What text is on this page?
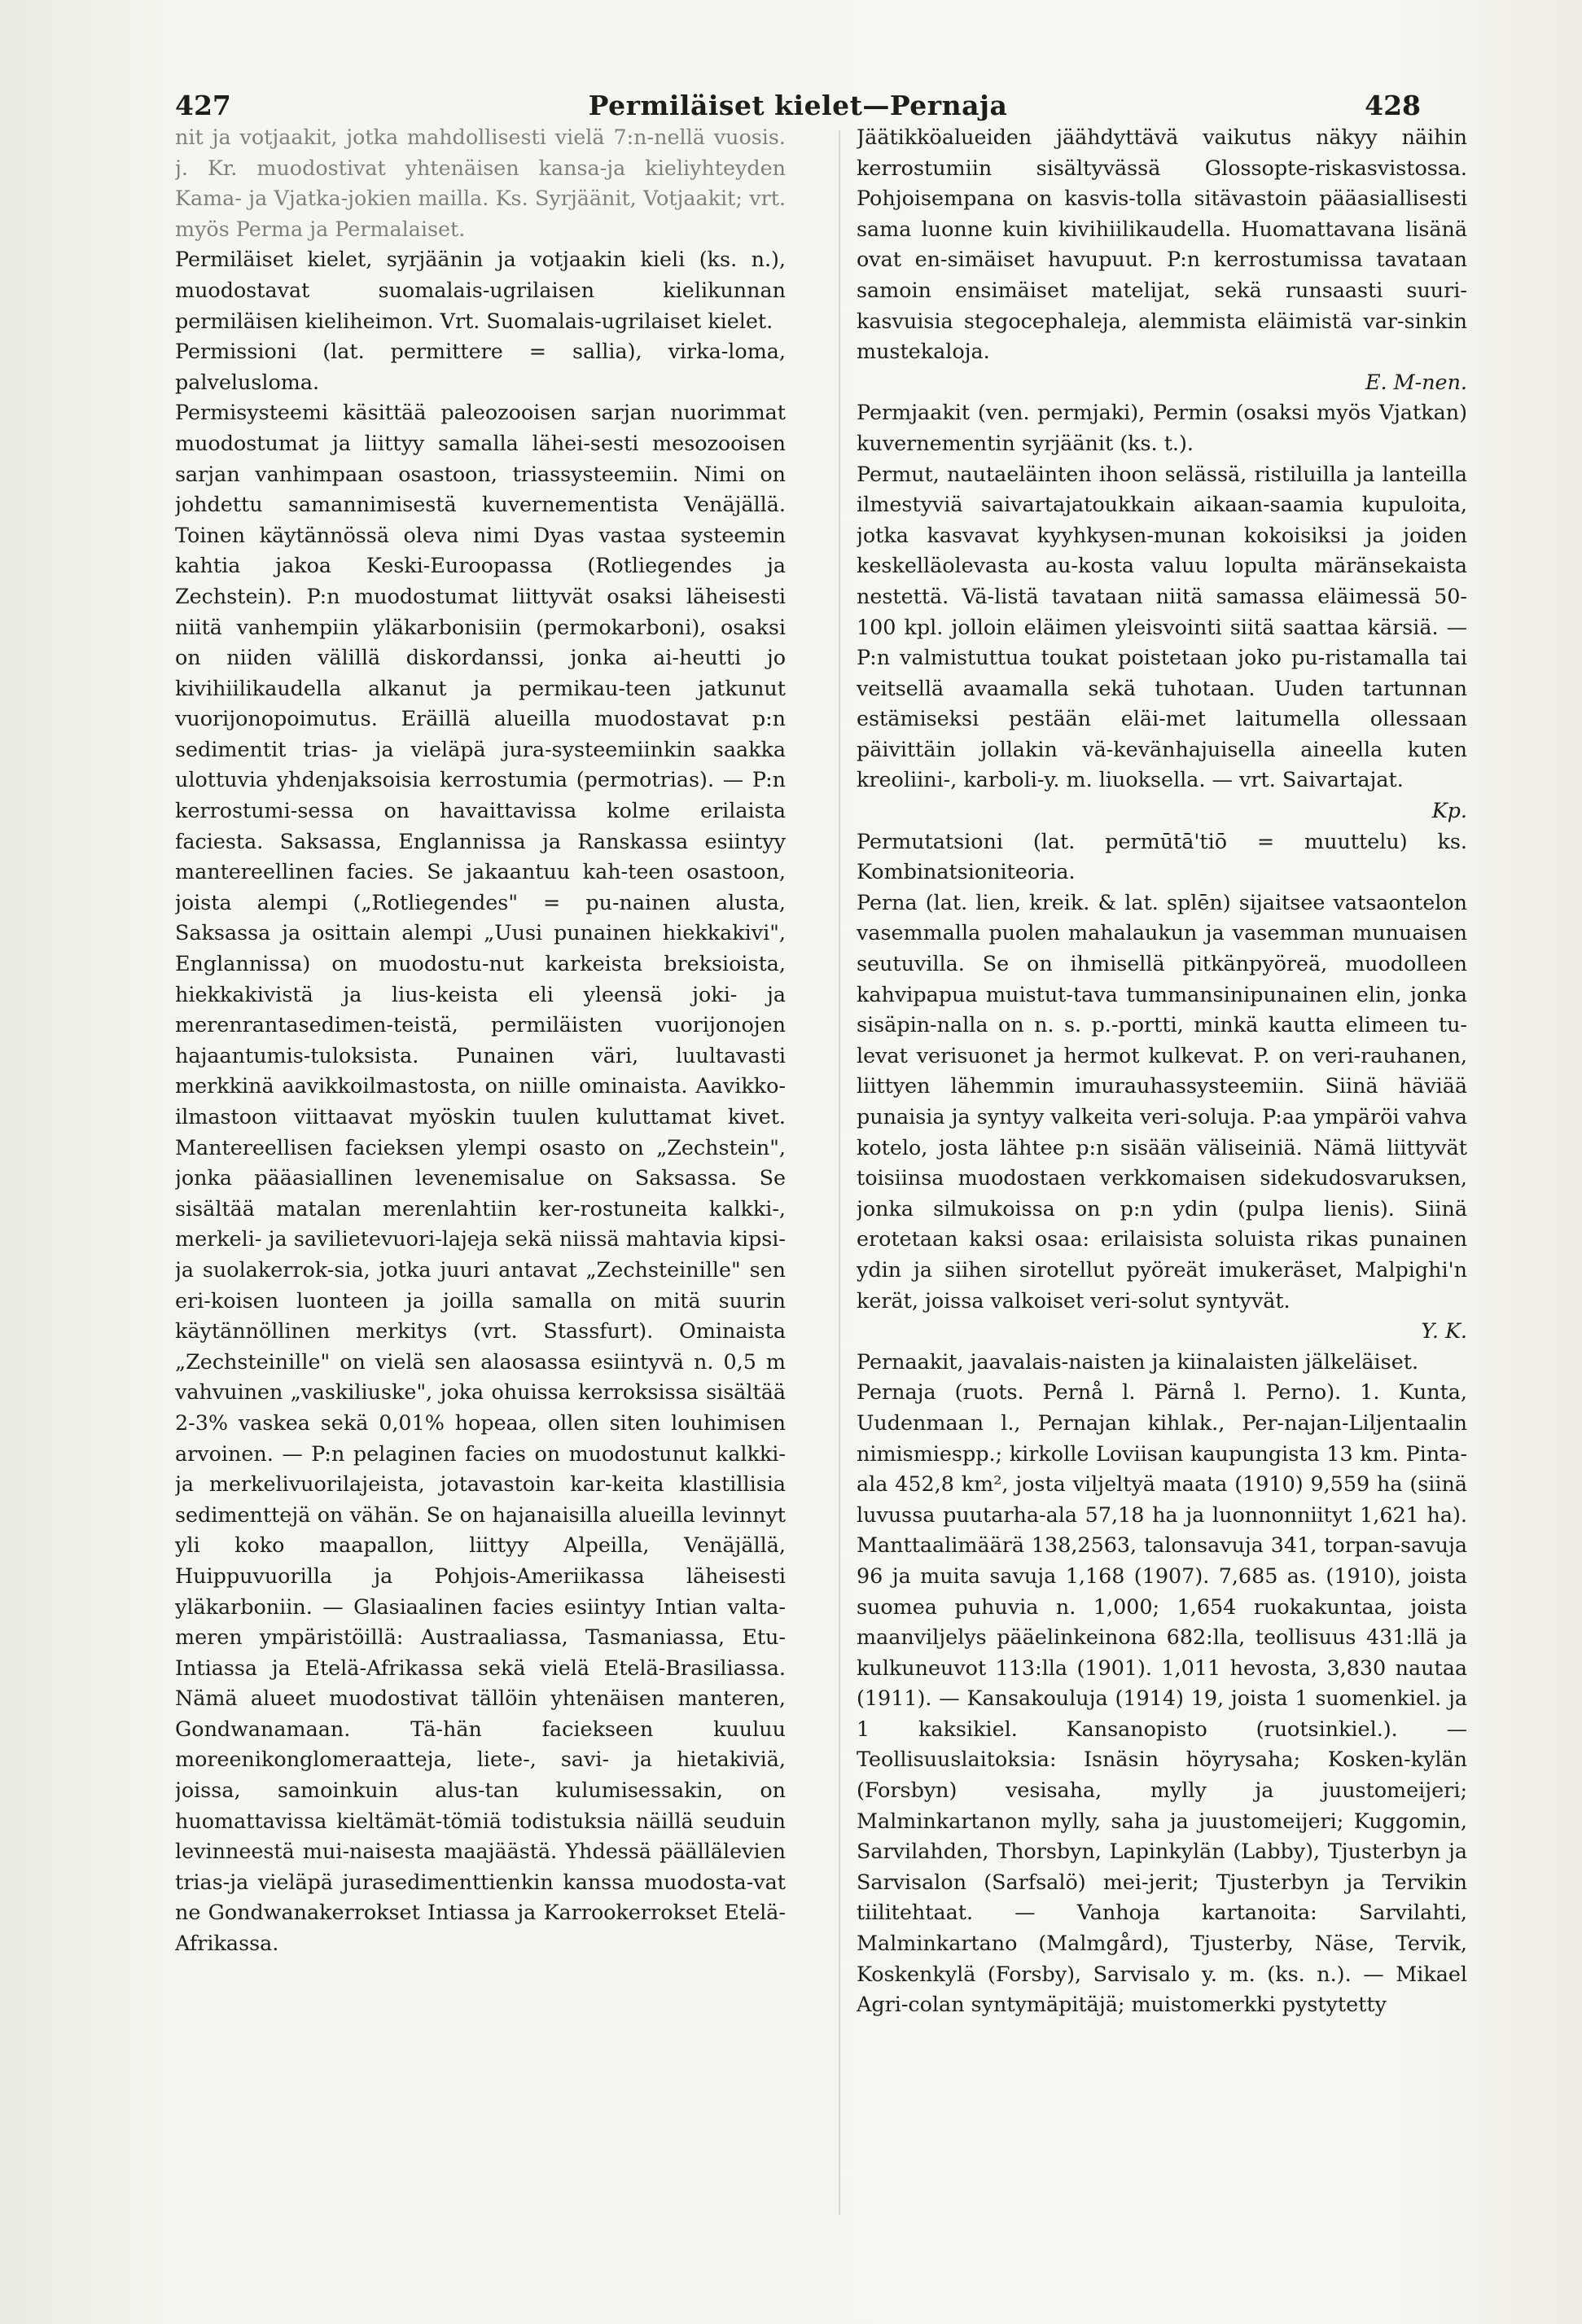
427	Permiläiset kielet—Pernaja	428

nit ja votjaakit, jotka mahdollisesti vielä 7:n-nellä vuosis. j. Kr. muodostivat yhtenäisen kansa-ja kieliyhteyden Kama- ja Vjatka-jokien mailla. Ks. Syrjäänit, Votjaakit; vrt. myös Perma ja Permalaiset.

Permiläiset kielet, syrjäänin ja votjaakin kieli (ks. n.), muodostavat suomalais-ugrilaisen kielikunnan permiläisen kieliheimon. Vrt. Suomalais-ugrilaiset kielet.

Permissioni (lat. permittere = sallia), virka-loma, palvelusloma.

Permisysteemi käsittää paleozooisen sarjan nuorimmat muodostumat ja liittyy samalla lähei-sesti mesozooisen sarjan vanhimpaan osastoon, triassysteemiin. Nimi on johdettu samannimisestä kuvernementista Venäjällä. Toinen käytännössä oleva nimi Dyas vastaa systeemin kahtia jakoa Keski-Euroopassa (Rotliegendes ja Zechstein). P:n muodostumat liittyvät osaksi läheisesti niitä vanhempiin yläkarbonisiin (permokarboni), osaksi on niiden välillä diskordanssi, jonka ai-heutti jo kivihiilikaudella alkanut ja permikau-teen jatkunut vuorijonopoimutus. Eräillä alueilla muodostavat p:n sedimentit trias- ja vieläpä jura-systeemiinkin saakka ulottuvia yhdenjaksoisia kerrostumia (permotrias). — P:n kerrostumi-sessa on havaittavissa kolme erilaista faciesta. Saksassa, Englannissa ja Ranskassa esiintyy mantereellinen facies. Se jakaantuu kah-teen osastoon, joista alempi („Rotliegendes" = pu-nainen alusta, Saksassa ja osittain alempi „Uusi punainen hiekkakivi", Englannissa) on muodostu-nut karkeista breksioista, hiekkakivistä ja lius-keista eli yleensä joki- ja merenrantasedimen-teistä, permiläisten vuorijonojen hajaantumis-tuloksista. Punainen väri, luultavasti merkkinä aavikkoilmastosta, on niille ominaista. Aavikko-ilmastoon viittaavat myöskin tuulen kuluttamat kivet. Mantereellisen facieksen ylempi osasto on „Zechstein", jonka pääasiallinen levenemisalue on Saksassa. Se sisältää matalan merenlahtiin ker-rostuneita kalkki-, merkeli- ja savilietevuori-lajeja sekä niissä mahtavia kipsi- ja suolakerrok-sia, jotka juuri antavat „Zechsteinille" sen eri-koisen luonteen ja joilla samalla on mitä suurin käytännöllinen merkitys (vrt. Stassfurt). Ominaista „Zechsteinille" on vielä sen alaosassa esiintyvä n. 0,5 m vahvuinen „vaskiliuske", joka ohuissa kerroksissa sisältää 2-3% vaskea sekä 0,01% hopeaa, ollen siten louhimisen arvoinen. — P:n pelaginen facies on muodostunut kalkki- ja merkelivuorilajeista, jotavastoin kar-keita klastillisia sedimenttejä on vähän. Se on hajanaisilla alueilla levinnyt yli koko maapallon, liittyy Alpeilla, Venäjällä, Huippuvuorilla ja Pohjois-Ameriikassa läheisesti yläkarboniin. — Glasiaalinen facies esiintyy Intian valta-meren ympäristöillä: Austraaliassa, Tasmaniassa, Etu-Intiassa ja Etelä-Afrikassa sekä vielä Etelä-Brasiliassa. Nämä alueet muodostivat tällöin yhtenäisen manteren, Gondwanamaan. Tä-hän faciekseen kuuluu moreenikonglomeraatteja, liete-, savi- ja hietakiviä, joissa, samoinkuin alus-tan kulumisessakin, on huomattavissa kieltämät-tömiä todistuksia näillä seuduin levinneestä mui-naisesta maajäästä. Yhdessä päällälevien trias-ja vieläpä jurasedimenttienkin kanssa muodosta-vat ne Gondwanakerrokset Intiassa ja Karrookerrokset Etelä-Afrikassa.

Jäätikköalueiden jäähdyttävä vaikutus näkyy näihin kerrostumiin sisältyvässä Glossopte-riskasvistossa. Pohjoisempana on kasvis-tolla sitävastoin pääasiallisesti sama luonne kuin kivihiilikaudella. Huomattavana lisänä ovat en-simäiset havupuut. P:n kerrostumissa tavataan samoin ensimäiset matelijat, sekä runsaasti suuri-kasvuisia stegocephaleja, alemmista eläimistä var-sinkin mustekaloja.

E. M-nen.

Permjaakit (ven. permjaki), Permin (osaksi myös Vjatkan) kuvernementin syrjäänit (ks. t.).

Permut, nautaeläinten ihoon selässä, ristiluilla ja lanteilla ilmestyviä saivartajatoukkain aikaan-saamia kupuloita, jotka kasvavat kyyhkysen-munan kokoisiksi ja joiden keskelläolevasta au-kosta valuu lopulta märänsekaista nestettä. Vä-listä tavataan niitä samassa eläimessä 50-100 kpl. jolloin eläimen yleisvointi siitä saattaa kärsiä. — P:n valmistuttua toukat poistetaan joko pu-ristamalla tai veitsellä avaamalla sekä tuhotaan. Uuden tartunnan estämiseksi pestään eläi-met laitumella ollessaan päivittäin jollakin vä-kevänhajuisella aineella kuten kreoliini-, karboli-y. m. liuoksella. — vrt. Saivartajat.

Kp.

Permutatsioni (lat. permūtā'tiō = muuttelu) ks. Kombinatsioniteoria.

Perna (lat. lien, kreik. & lat. splēn) sijaitsee vatsaontelon vasemmalla puolen mahalaukun ja vasemman munuaisen seutuvilla. Se on ihmisellä pitkänpyöreä, muodolleen kahvipapua muistut-tava tummansinipunainen elin, jonka sisäpin-nalla on n. s. p.-portti, minkä kautta elimeen tu-levat verisuonet ja hermot kulkevat. P. on veri-rauhanen, liittyen lähemmin imurauhassysteemiin. Siinä häviää punaisia ja syntyy valkeita veri-soluja. P:aa ympäröi vahva kotelo, josta lähtee p:n sisään väliseiniä. Nämä liittyvät toisiinsa muodostaen verkkomaisen sidekudosvaruksen, jonka silmukoissa on p:n ydin (pulpa lienis). Siinä erotetaan kaksi osaa: erilaisista soluista rikas punainen ydin ja siihen sirotellut pyöreät imukeräset, Malpighi'n kerät, joissa valkoiset veri-solut syntyvät.

Y. K.

Pernaakit, jaavalais-naisten ja kiinalaisten jälkeläiset.

Pernaja (ruots. Pernå l. Pärnå l. Perno). 1. Kunta, Uudenmaan l., Pernajan kihlak., Per-najan-Liljentaalin nimismiespp.; kirkolle Loviisan kaupungista 13 km. Pinta-ala 452,8 km², josta viljeltyä maata (1910) 9,559 ha (siinä luvussa puutarha-ala 57,18 ha ja luonnonniityt 1,621 ha). Manttaalimäärä 138,2563, talonsavuja 341, torpan-savuja 96 ja muita savuja 1,168 (1907). 7,685 as. (1910), joista suomea puhuvia n. 1,000; 1,654 ruokakuntaa, joista maanviljelys pääelinkeinona 682:lla, teollisuus 431:llä ja kulkuneuvot 113:lla (1901). 1,011 hevosta, 3,830 nautaa (1911). — Kansakouluja (1914) 19, joista 1 suomenkiel. ja 1 kaksikiel. Kansanopisto (ruotsinkiel.). — Teollisuuslaitoksia: Isnäsin höyrysaha; Kosken-kylän (Forsbyn) vesisaha, mylly ja juustomeijeri; Malminkartanon mylly, saha ja juustomeijeri; Kuggomin, Sarvilahden, Thorsbyn, Lapinkylän (Labby), Tjusterbyn ja Sarvisalon (Sarfsalö) mei-jerit; Tjusterbyn ja Tervikin tiilitehtaat. — Vanhoja kartanoita: Sarvilahti, Malminkartano (Malmgård), Tjusterby, Näse, Tervik, Koskenkylä (Forsby), Sarvisalo y. m. (ks. n.). — Mikael Agri-colan syntymäpitäjä; muistomerkki pystytetty
